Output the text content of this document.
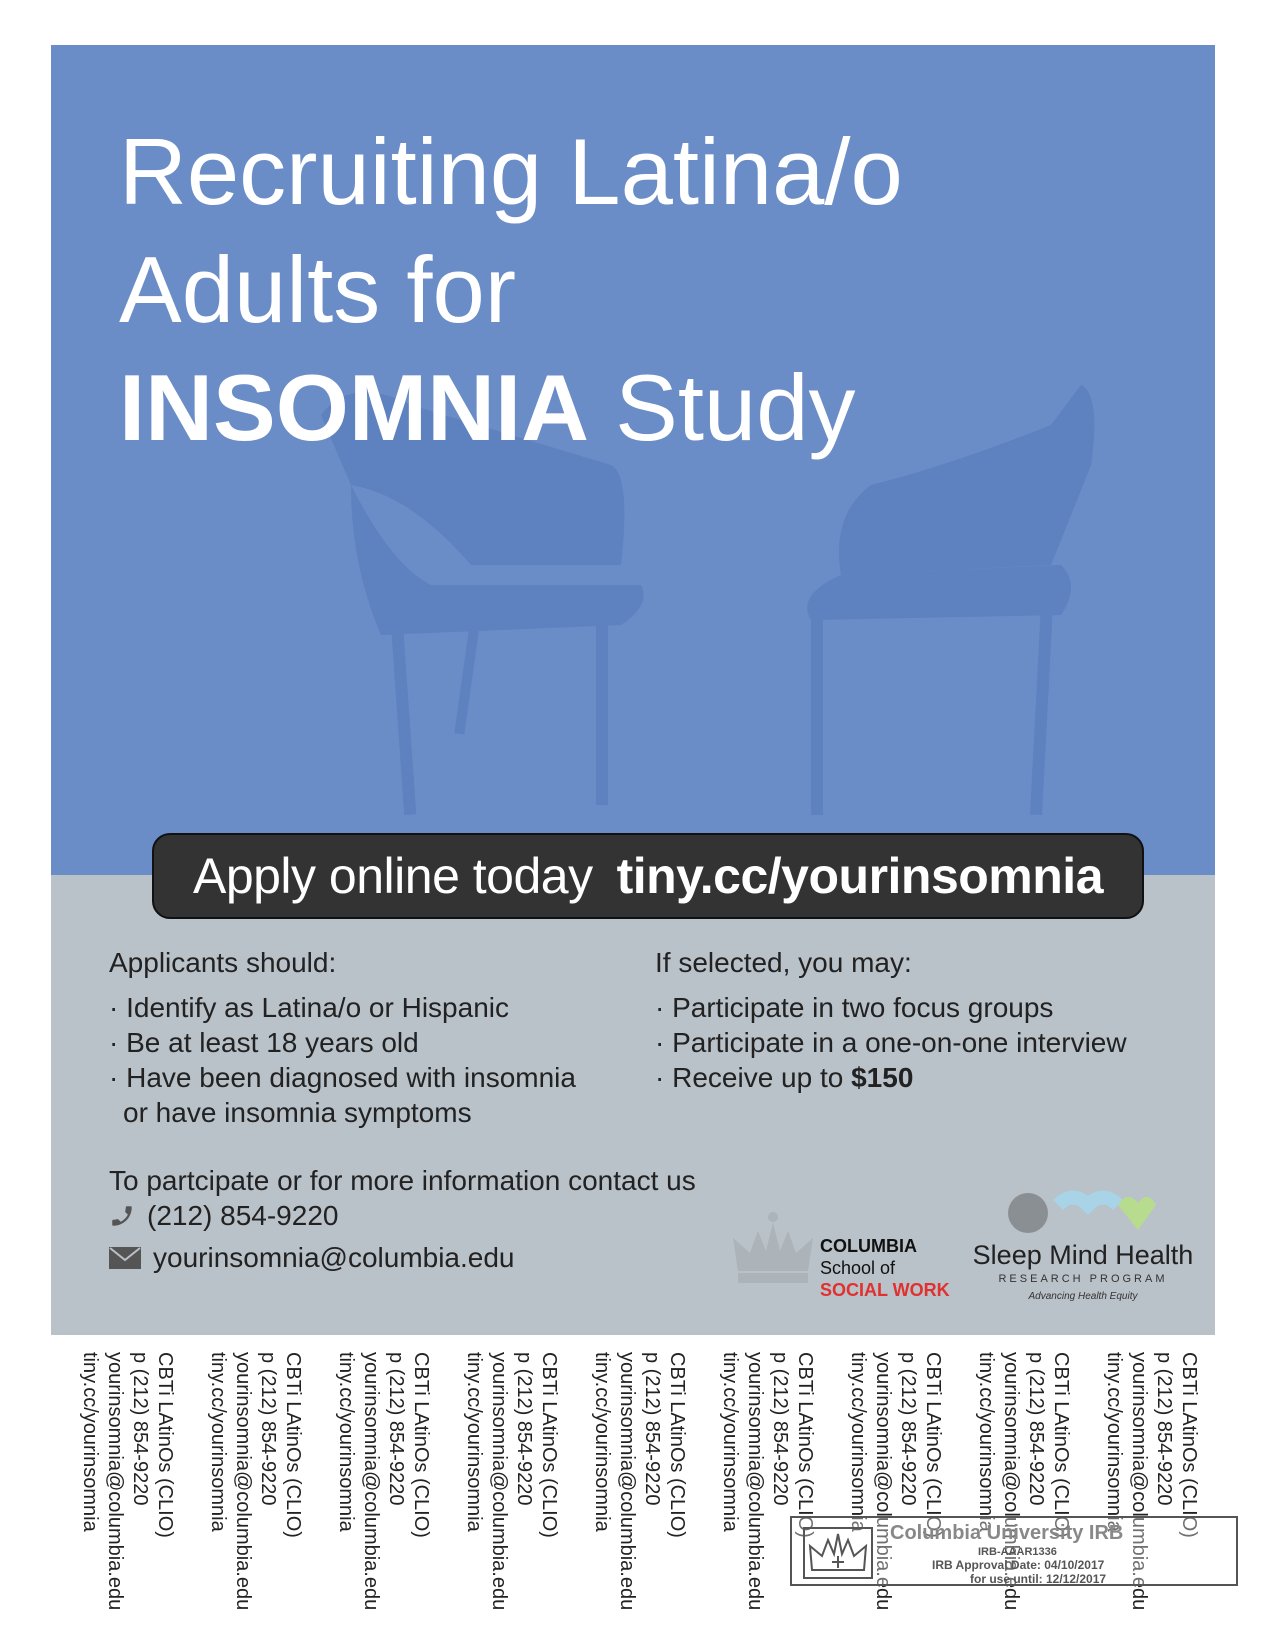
Recruiting Latina/o
Adults for
INSOMNIA Study
Apply online today tiny.cc/yourinsomnia
Applicants should:
· Identify as Latina/o or Hispanic
· Be at least 18 years old
· Have been diagnosed with insomnia or have insomnia symptoms
If selected, you may:
· Participate in two focus groups
· Participate in a one-on-one interview
· Receive up to $150
To partcipate or for more information contact us
(212) 854-9220
yourinsomnia@columbia.edu	COLUMBIA
School of
SOCIAL WORK
Sleep Mind Health
RESEARCH PROGRAM
Advancing Health Equity
CBTi LAtinOs (CLIO)
p (212) 854-9220
yourinsomnia@columbia.edu
tiny.cc/yourinsomnia	CBTi LAtinOs (CLIO)
p (212) 854-9220
yourinsomnia@columbia.edu
tiny.cc/yourinsomnia	CBTi LAtinOs (CLIO)
p (212) 854-9220
yourinsomnia@columbia.edu
tiny.cc/yourinsomnia	CBTi LAtinOs (CLIO)
p (212) 854-9220
yourinsomnia@columbia.edu
tiny.cc/yourinsomnia	CBTi LAtinOs (CLIO)
p (212) 854-9220
yourinsomnia@columbia.edu
tiny.cc/yourinsomnia	CBTi LAtinOs (CLIO)
p (212) 854-9220
yourinsomnia@columbia.edu
tiny.cc/yourinsomnia	CBTi LAtinOs (CLIO)
p (212) 854-9220
yourinsomnia@columbia.edu
tiny.cc/yourinsomnia	CBTi LAtinOs (CLIO)
p (212) 854-9220
yourinsomnia@columbia.edu
tiny.cc/yourinsomnia	CBTi LAtinOs (CLIO)
p (212) 854-9220
yourinsomnia@columbia.edu
tiny.cc/yourinsomnia
Columbia University IRB
IRB-AAAR1336
IRB Approval Date: 04/10/2017
for use until: 12/12/2017
